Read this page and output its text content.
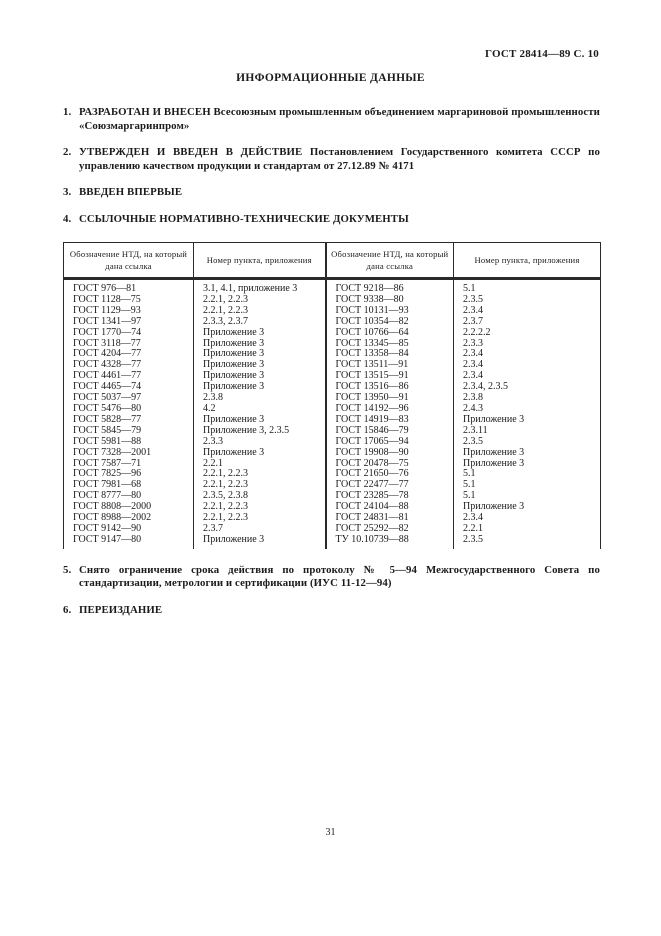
ГОСТ 28414—89 С. 10
ИНФОРМАЦИОННЫЕ ДАННЫЕ
1. РАЗРАБОТАН И ВНЕСЕН Всесоюзным промышленным объединением маргариновой промышленности «Союзмаргаринпром»
2. УТВЕРЖДЕН И ВВЕДЕН В ДЕЙСТВИЕ Постановлением Государственного комитета СССР по управлению качеством продукции и стандартам от 27.12.89 № 4171
3. ВВЕДЕН ВПЕРВЫЕ
4. ССЫЛОЧНЫЕ НОРМАТИВНО-ТЕХНИЧЕСКИЕ ДОКУМЕНТЫ
Обозначение НТД, на который дана ссылка	Номер пункта, приложения	Обозначение НТД, на который дана ссылка	Номер пункта, приложения
ГОСТ 976—81	3.1, 4.1, приложение 3	ГОСТ 9218—86	5.1
ГОСТ 1128—75	2.2.1, 2.2.3	ГОСТ 9338—80	2.3.5
ГОСТ 1129—93	2.2.1, 2.2.3	ГОСТ 10131—93	2.3.4
ГОСТ 1341—97	2.3.3, 2.3.7	ГОСТ 10354—82	2.3.7
ГОСТ 1770—74	Приложение 3	ГОСТ 10766—64	2.2.2.2
ГОСТ 3118—77	Приложение 3	ГОСТ 13345—85	2.3.3
ГОСТ 4204—77	Приложение 3	ГОСТ 13358—84	2.3.4
ГОСТ 4328—77	Приложение 3	ГОСТ 13511—91	2.3.4
ГОСТ 4461—77	Приложение 3	ГОСТ 13515—91	2.3.4
ГОСТ 4465—74	Приложение 3	ГОСТ 13516—86	2.3.4, 2.3.5
ГОСТ 5037—97	2.3.8	ГОСТ 13950—91	2.3.8
ГОСТ 5476—80	4.2	ГОСТ 14192—96	2.4.3
ГОСТ 5828—77	Приложение 3	ГОСТ 14919—83	Приложение 3
ГОСТ 5845—79	Приложение 3, 2.3.5	ГОСТ 15846—79	2.3.11
ГОСТ 5981—88	2.3.3	ГОСТ 17065—94	2.3.5
ГОСТ 7328—2001	Приложение 3	ГОСТ 19908—90	Приложение 3
ГОСТ 7587—71	2.2.1	ГОСТ 20478—75	Приложение 3
ГОСТ 7825—96	2.2.1, 2.2.3	ГОСТ 21650—76	5.1
ГОСТ 7981—68	2.2.1, 2.2.3	ГОСТ 22477—77	5.1
ГОСТ 8777—80	2.3.5, 2.3.8	ГОСТ 23285—78	5.1
ГОСТ 8808—2000	2.2.1, 2.2.3	ГОСТ 24104—88	Приложение 3
ГОСТ 8988—2002	2.2.1, 2.2.3	ГОСТ 24831—81	2.3.4
ГОСТ 9142—90	2.3.7	ГОСТ 25292—82	2.2.1
ГОСТ 9147—80	Приложение 3	ТУ 10.10739—88	2.3.5
5. Снято ограничение срока действия по протоколу № 5—94 Межгосударственного Совета по стандартизации, метрологии и сертификации (ИУС 11-12—94)
6. ПЕРЕИЗДАНИЕ
31
